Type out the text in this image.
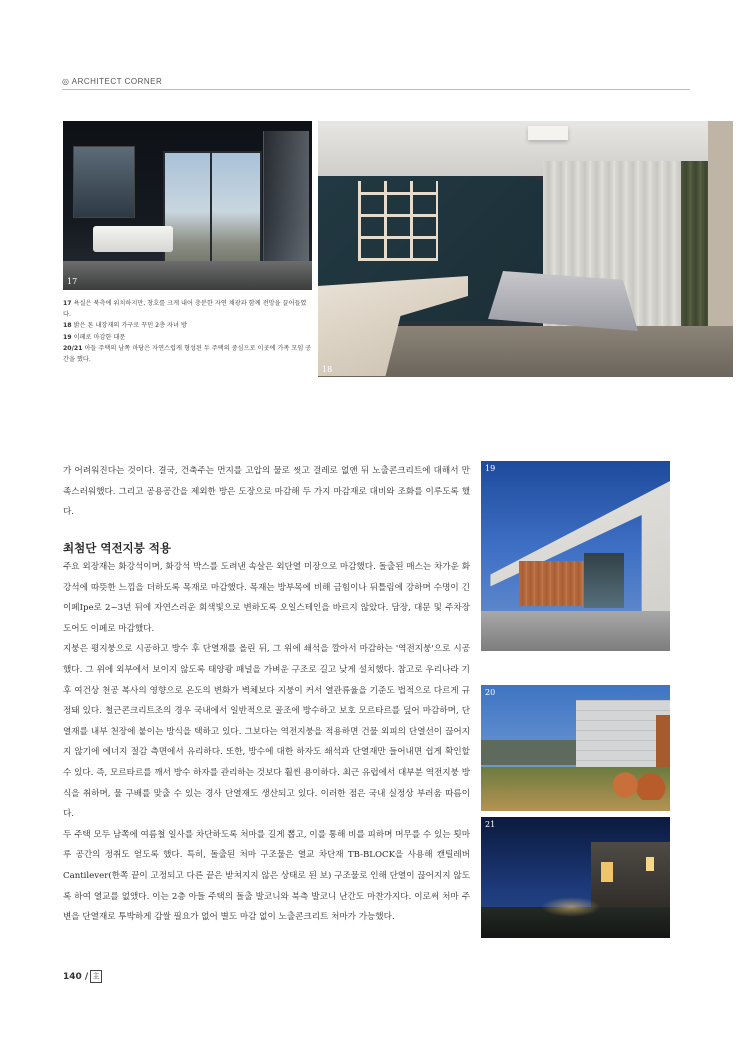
◎ ARCHITECT CORNER
17
18

17 욕실은 북측에 위치하지만, 창호를 크게 내어 충분한 자연 채광과 함께 전망을 끌어들였다.

18 밝은 톤 내장재의 가구로 꾸민 2층 자녀 방

19 이페로 마감한 대문

20/21 아들 주택의 남쪽 마당은 자연스럽게 형성된 두 주택의 중심으로 이곳에 가족 모임 공간을 했다.

가 어려워진다는 것이다. 결국, 건축주는 먼지를 고압의 물로 씻고 걸레로 없앤 뒤 노출콘크리트에 대해서 만족스러워했다. 그리고 공용공간을 제외한 방은 도장으로 마감해 두 가지 마감재로 대비와 조화를 이루도록 했다.

최첨단 역전지붕 적용

주요 외장재는 화강석이며, 화강석 박스를 도려낸 속살은 외단열 미장으로 마감했다. 돌출된 매스는 차가운 화강석에 따뜻한 느낌을 더하도록 목재로 마감했다. 목재는 방부목에 비해 금힘이나 뒤틀림에 강하며 수명이 긴 이페Ipe로 2~3년 뒤에 자연스러운 회색빛으로 변하도록 오일스테인을 바르지 않았다. 담장, 대문 및 주차장 도어도 이페로 마감했다.

지붕은 평지붕으로 시공하고 방수 후 단열재를 올린 뒤, 그 위에 쇄석을 깔아서 마감하는 '역전지붕'으로 시공했다. 그 위에 외부에서 보이지 않도록 태양광 패널을 가벼운 구조로 길고 낮게 설치했다. 참고로 우리나라 기후 여건상 천공 복사의 영향으로 온도의 변화가 벽체보다 지붕이 커서 열관류율을 기준도 법적으로 다르게 규정돼 있다. 철근콘크리트조의 경우 국내에서 일반적으로 골조에 방수하고 보호 모르타르를 덮어 마감하며, 단열재를 내부 천장에 붙이는 방식을 택하고 있다. 그보다는 역전지붕을 적용하면 건물 외피의 단열선이 끊어지지 않기에 에너지 절감 측면에서 유리하다. 또한, 방수에 대한 하자도 쇄석과 단열재만 들어내면 쉽게 확인할 수 있다. 즉, 모르타르를 깨서 방수 하자를 관리하는 것보다 훨씬 용이하다. 최근 유럽에서 대부분 역전지붕 방식을 취하며, 물 구배를 맞출 수 있는 경사 단열재도 생산되고 있다. 이러한 점은 국내 실정상 부러움 따름이다.

두 주택 모두 남쪽에 여름철 일사를 차단하도록 처마를 길게 뽑고, 이를 통해 비를 피하며 머무를 수 있는 툇마루 공간의 정취도 얻도록 했다. 특히, 돌출된 처마 구조물은 열교 차단재 TB-BLOCK을 사용해 캔틸레버Cantilever(한쪽 끝이 고정되고 다른 끝은 받쳐지지 않은 상태로 된 보) 구조물로 인해 단열이 끊어지지 않도록 하여 열교를 없앴다. 이는 2층 아들 주택의 돌출 발코니와 북측 발코니 난간도 마찬가지다. 이로써 처마 주변을 단열재로 투박하게 감쌀 필요가 없어 별도 마감 없이 노출콘크리트 처마가 가능했다.

19
20
21
140 / 主
